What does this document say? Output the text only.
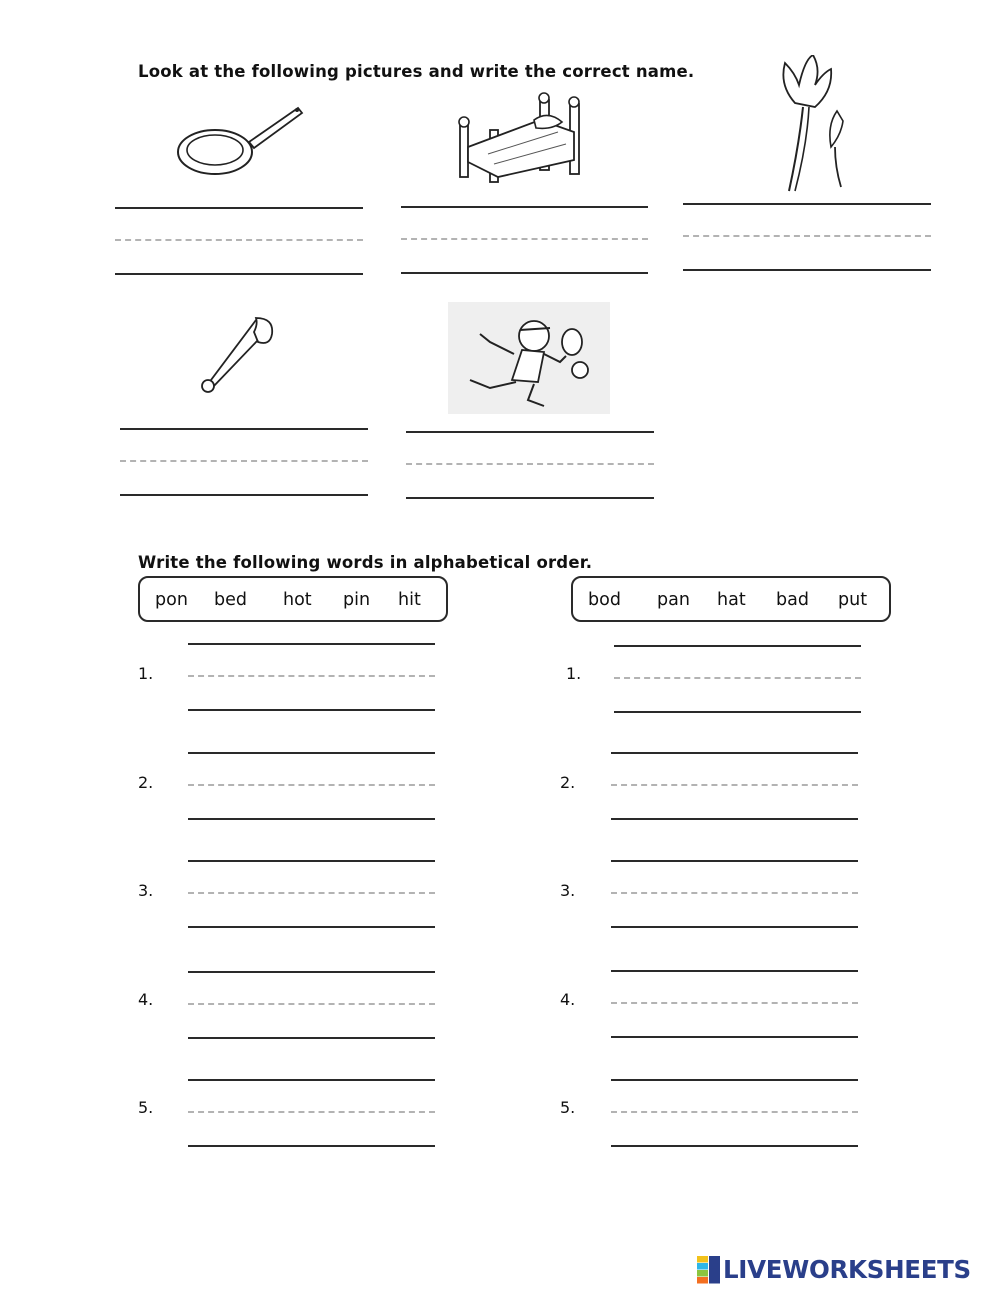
Look at the following pictures and write the correct name.
Write the following words in alphabetical order.
pon bed hot pin hit	bod pan hat bad put
1.
2.
3.
4.
5.
1.
2.
3.
4.
5.
LIVEWORKSHEETS
